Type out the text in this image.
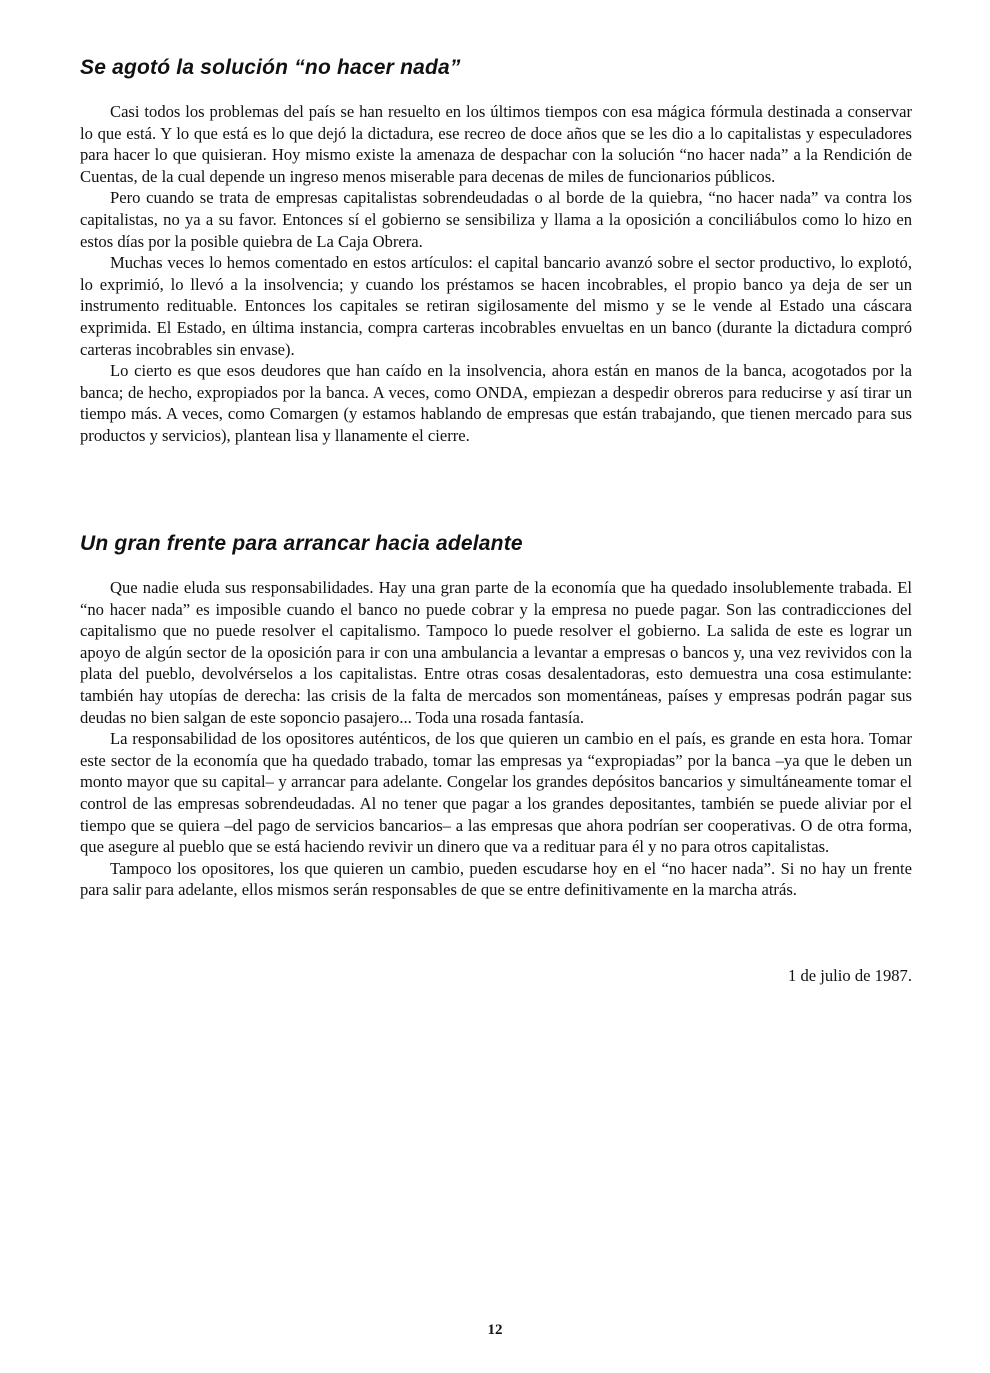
Se agotó la solución “no hacer nada”

Casi todos los problemas del país se han resuelto en los últimos tiempos con esa mágica fórmula destinada a conservar lo que está. Y lo que está es lo que dejó la dictadura, ese recreo de doce años que se les dio a lo capitalistas y especuladores para hacer lo que quisieran. Hoy mismo existe la amenaza de despachar con la solución “no hacer nada” a la Rendición de Cuentas, de la cual depende un ingreso menos miserable para decenas de miles de funcionarios públicos.

Pero cuando se trata de empresas capitalistas sobrendeudadas o al borde de la quiebra, “no hacer nada” va contra los capitalistas, no ya a su favor. Entonces sí el gobierno se sensibiliza y llama a la oposición a conciliábulos como lo hizo en estos días por la posible quiebra de La Caja Obrera.

Muchas veces lo hemos comentado en estos artículos: el capital bancario avanzó sobre el sector productivo, lo explotó, lo exprimió, lo llevó a la insolvencia; y cuando los préstamos se hacen incobrables, el propio banco ya deja de ser un instrumento redituable. Entonces los capitales se retiran sigilosamente del mismo y se le vende al Estado una cáscara exprimida. El Estado, en última instancia, compra carteras incobrables envueltas en un banco (durante la dictadura compró carteras incobrables sin envase).

Lo cierto es que esos deudores que han caído en la insolvencia, ahora están en manos de la banca, acogotados por la banca; de hecho, expropiados por la banca. A veces, como ONDA, empiezan a despedir obreros para reducirse y así tirar un tiempo más. A veces, como Comargen (y estamos hablando de empresas que están trabajando, que tienen mercado para sus productos y servicios), plantean lisa y llanamente el cierre.

Un gran frente para arrancar hacia adelante

Que nadie eluda sus responsabilidades. Hay una gran parte de la economía que ha quedado insolublemente trabada. El “no hacer nada” es imposible cuando el banco no puede cobrar y la empresa no puede pagar. Son las contradicciones del capitalismo que no puede resolver el capitalismo. Tampoco lo puede resolver el gobierno. La salida de este es lograr un apoyo de algún sector de la oposición para ir con una ambulancia a levantar a empresas o bancos y, una vez revividos con la plata del pueblo, devolvérselos a los capitalistas. Entre otras cosas desalentadoras, esto demuestra una cosa estimulante: también hay utopías de derecha: las crisis de la falta de mercados son momentáneas, países y empresas podrán pagar sus deudas no bien salgan de este soponcio pasajero... Toda una rosada fantasía.

La responsabilidad de los opositores auténticos, de los que quieren un cambio en el país, es grande en esta hora. Tomar este sector de la economía que ha quedado trabado, tomar las empresas ya “expropiadas” por la banca –ya que le deben un monto mayor que su capital– y arrancar para adelante. Congelar los grandes depósitos bancarios y simultáneamente tomar el control de las empresas sobrendeudadas. Al no tener que pagar a los grandes depositantes, también se puede aliviar por el tiempo que se quiera –del pago de servicios bancarios– a las empresas que ahora podrían ser cooperativas. O de otra forma, que asegure al pueblo que se está haciendo revivir un dinero que va a redituar para él y no para otros capitalistas.

Tampoco los opositores, los que quieren un cambio, pueden escudarse hoy en el “no hacer nada”. Si no hay un frente para salir para adelante, ellos mismos serán responsables de que se entre definitivamente en la marcha atrás.

1 de julio de 1987.

12
